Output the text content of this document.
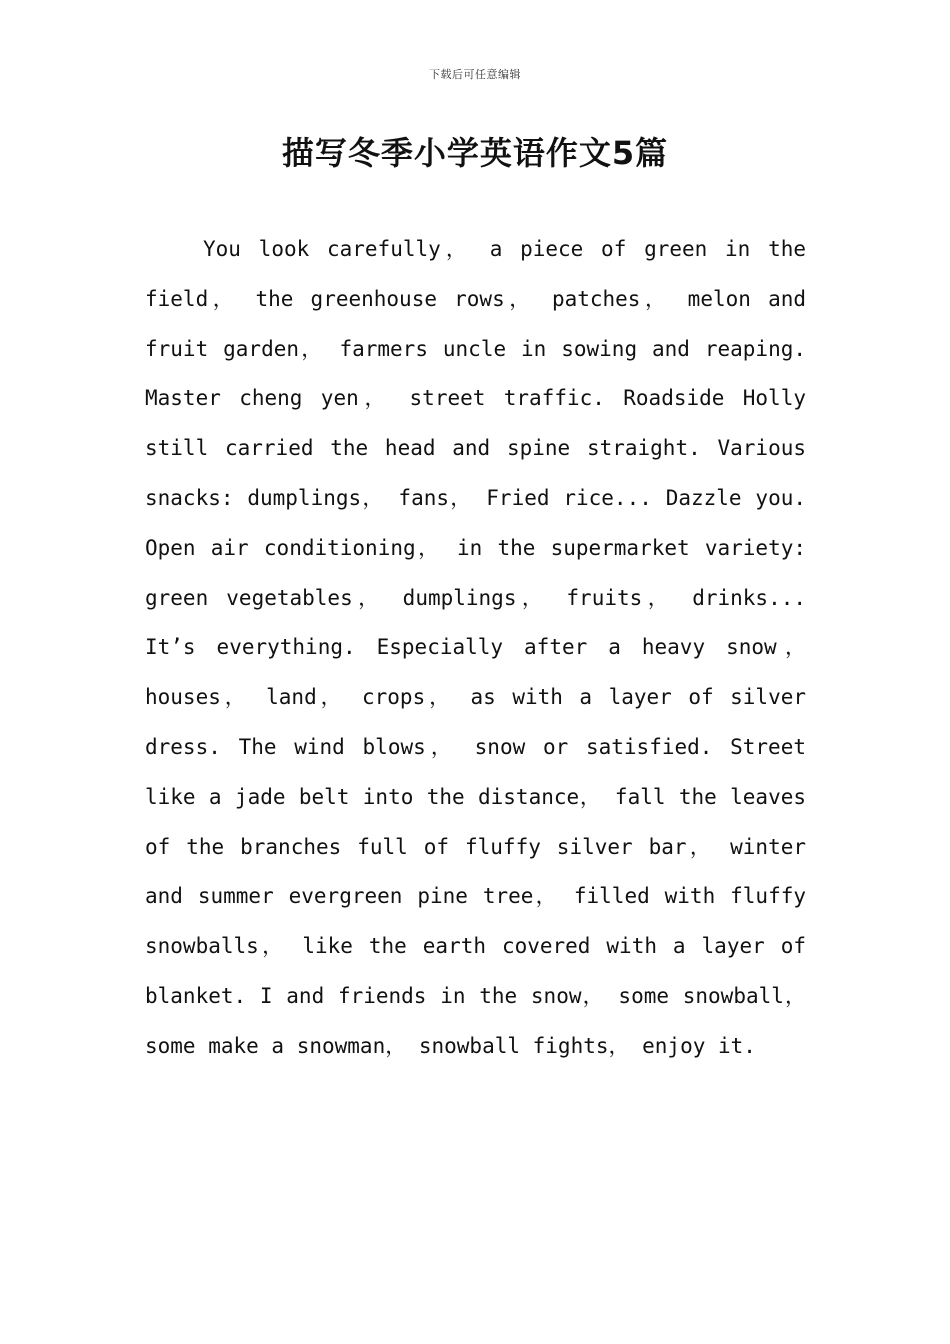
下载后可任意编辑
描写冬季小学英语作文5篇

You look carefully， a piece of green in the field， the greenhouse rows， patches， melon and fruit garden， farmers uncle in sowing and reaping. Master cheng yen， street traffic. Roadside Holly still carried the head and spine straight. Various snacks: dumplings， fans， Fried rice... Dazzle you. Open air conditioning， in the supermarket variety: green vegetables， dumplings， fruits， drinks... It’s everything. Especially after a heavy snow， houses， land， crops， as with a layer of silver dress. The wind blows， snow or satisfied. Street like a jade belt into the distance， fall the leaves of the branches full of fluffy silver bar， winter and summer evergreen pine tree， filled with fluffy snowballs， like the earth covered with a layer of blanket. I and friends in the snow， some snowball， some make a snowman， snowball fights， enjoy it.
